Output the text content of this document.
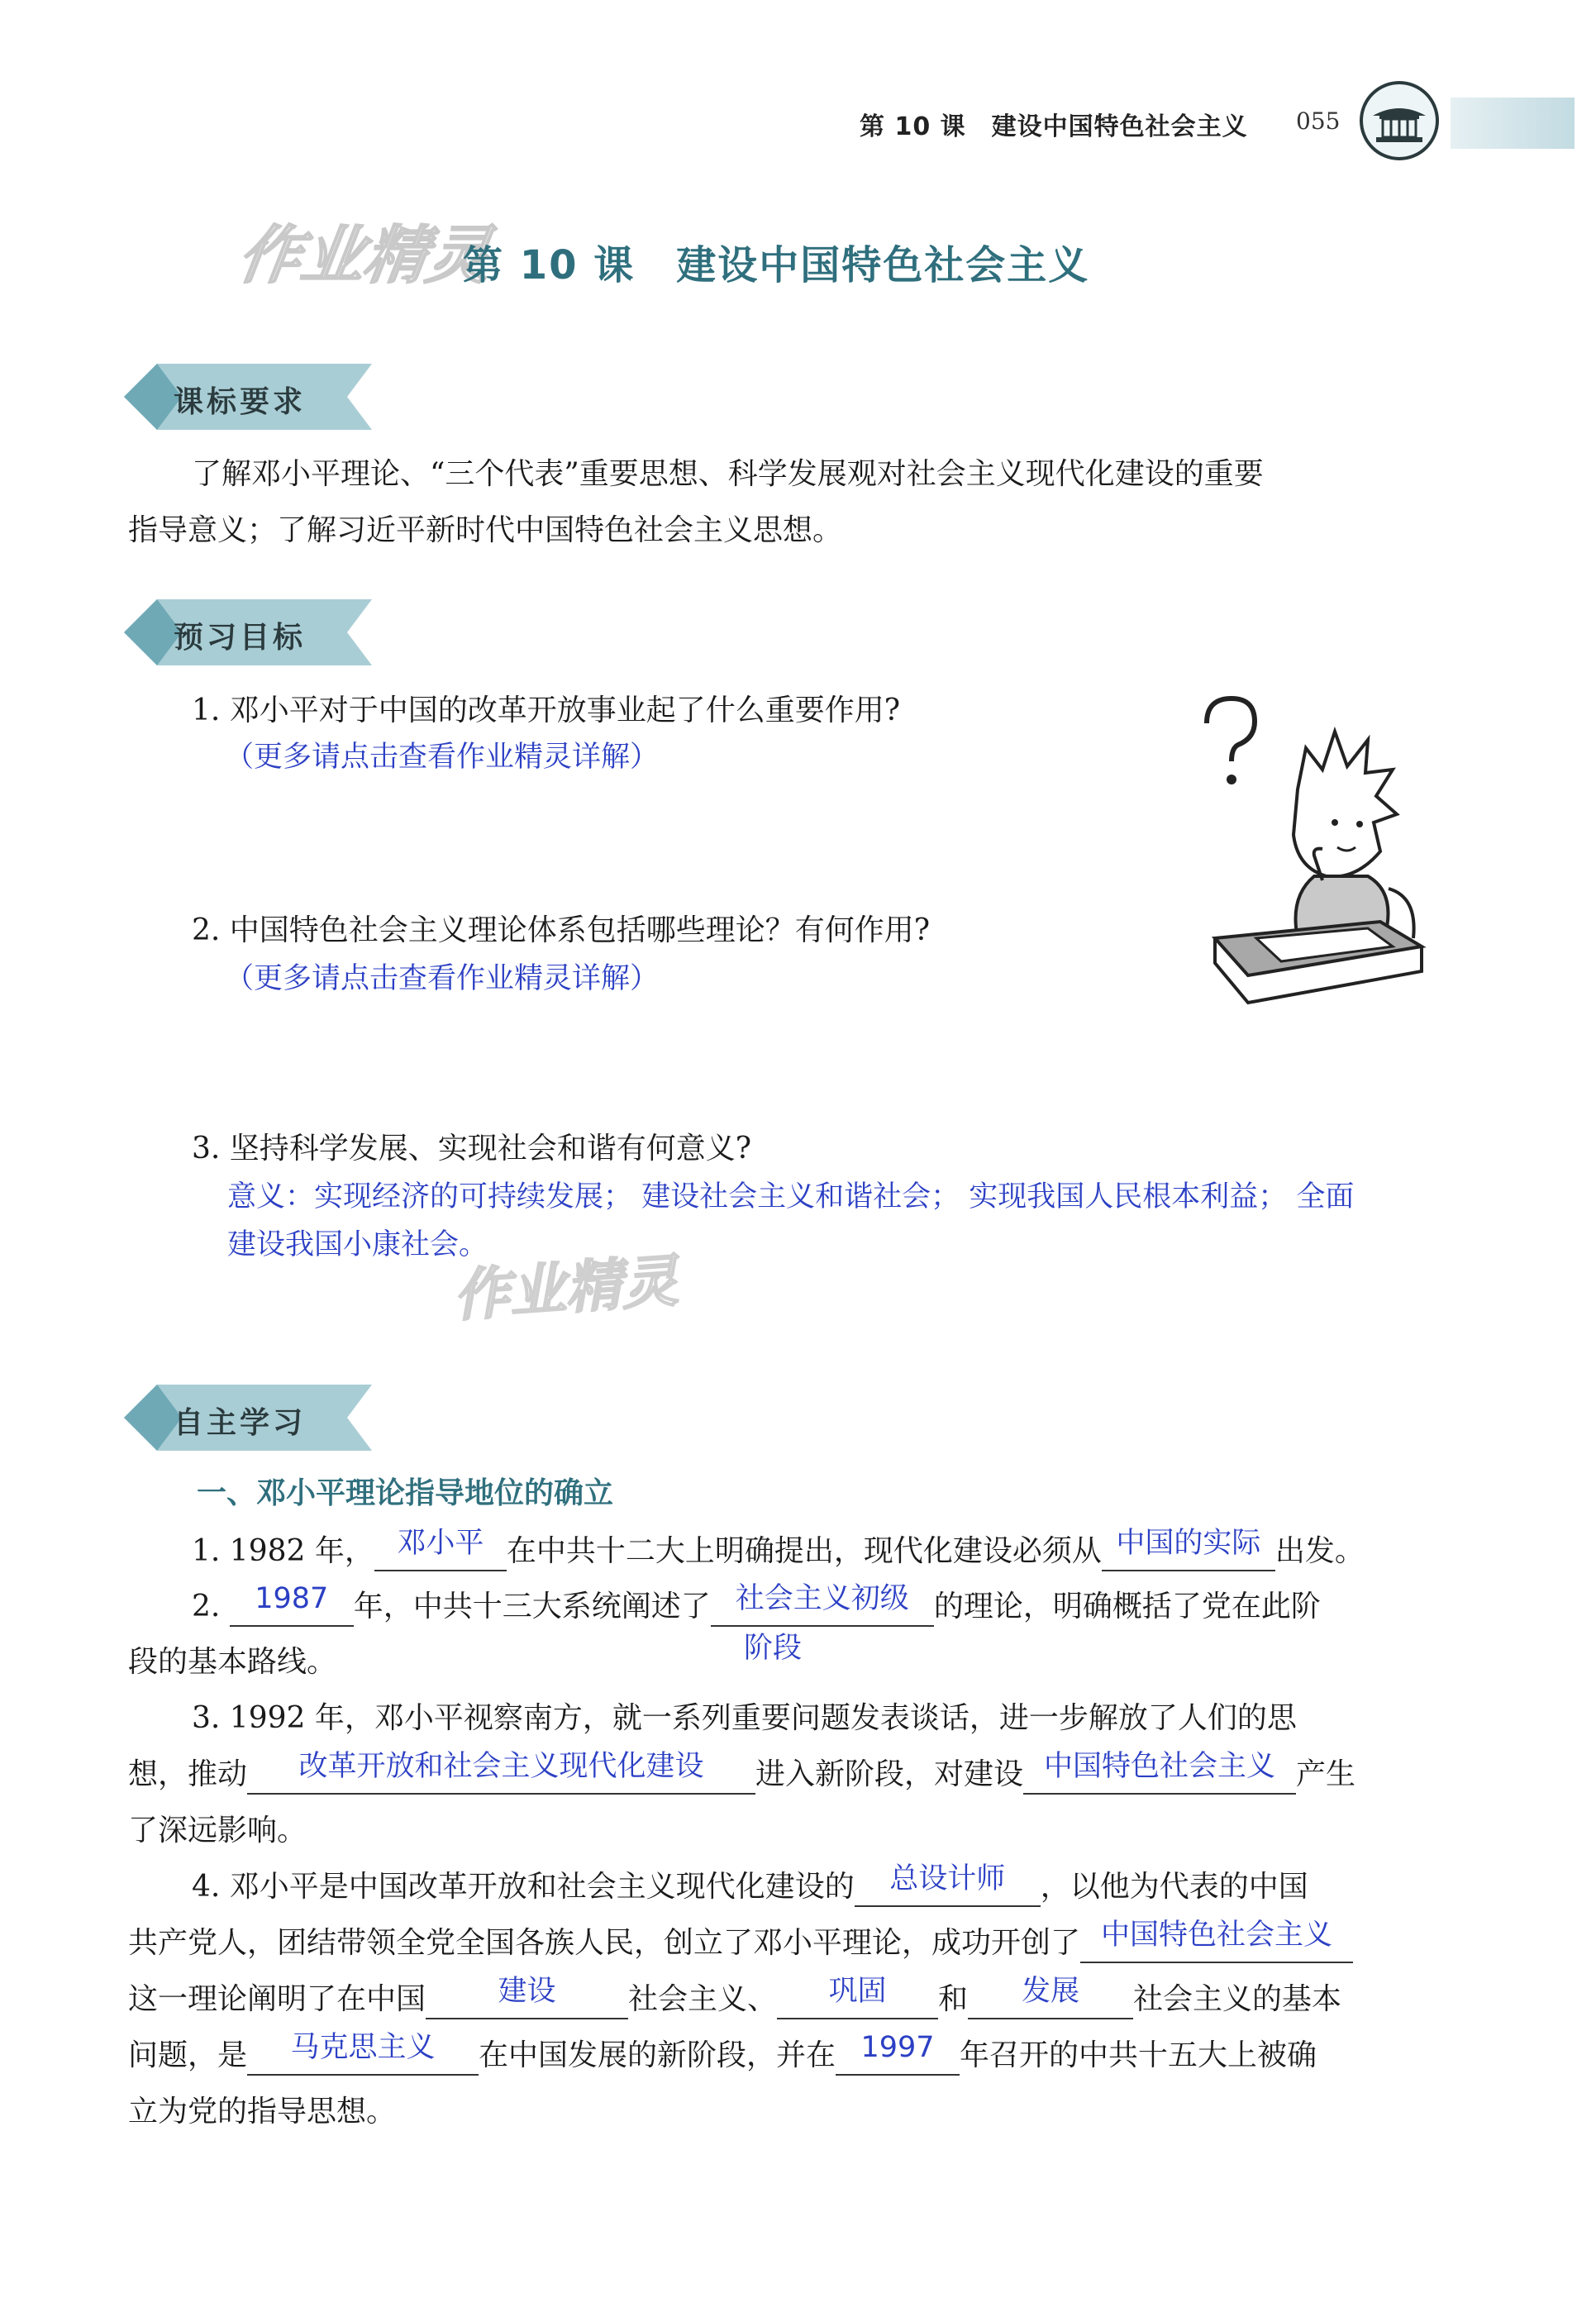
第 10 课　建设中国特色社会主义 055
作业精灵
作业精灵
第 10 课　建设中国特色社会主义
课标要求
了解邓小平理论、“三个代表”重要思想、科学发展观对社会主义现代化建设的重要
指导意义；了解习近平新时代中国特色社会主义思想。
预习目标
1. 邓小平对于中国的改革开放事业起了什么重要作用?
（更多请点击查看作业精灵详解）
2. 中国特色社会主义理论体系包括哪些理论？有何作用?
（更多请点击查看作业精灵详解）
3. 坚持科学发展、实现社会和谐有何意义?
意义：实现经济的可持续发展； 建设社会主义和谐社会； 实现我国人民根本利益； 全面
建设我国小康社会。
自主学习
一、邓小平理论指导地位的确立
1. 1982 年， 邓小平 在中共十二大上明确提出，现代化建设必须从 中国的实际 出发。
2. 1987 年，中共十三大系统阐述了 社会主义初级 的理论，明确概括了党在此阶
阶段
段的基本路线。
3. 1992 年，邓小平视察南方，就一系列重要问题发表谈话，进一步解放了人们的思
想，推动 改革开放和社会主义现代化建设 进入新阶段，对建设 中国特色社会主义 产生
了深远影响。
4. 邓小平是中国改革开放和社会主义现代化建设的 总设计师 ，以他为代表的中国
共产党人，团结带领全党全国各族人民，创立了邓小平理论，成功开创了 中国特色社会主义
这一理论阐明了在中国 建设 社会主义、 巩固 和 发展 社会主义的基本
问题，是 马克思主义 在中国发展的新阶段，并在 1997 年召开的中共十五大上被确
立为党的指导思想。
